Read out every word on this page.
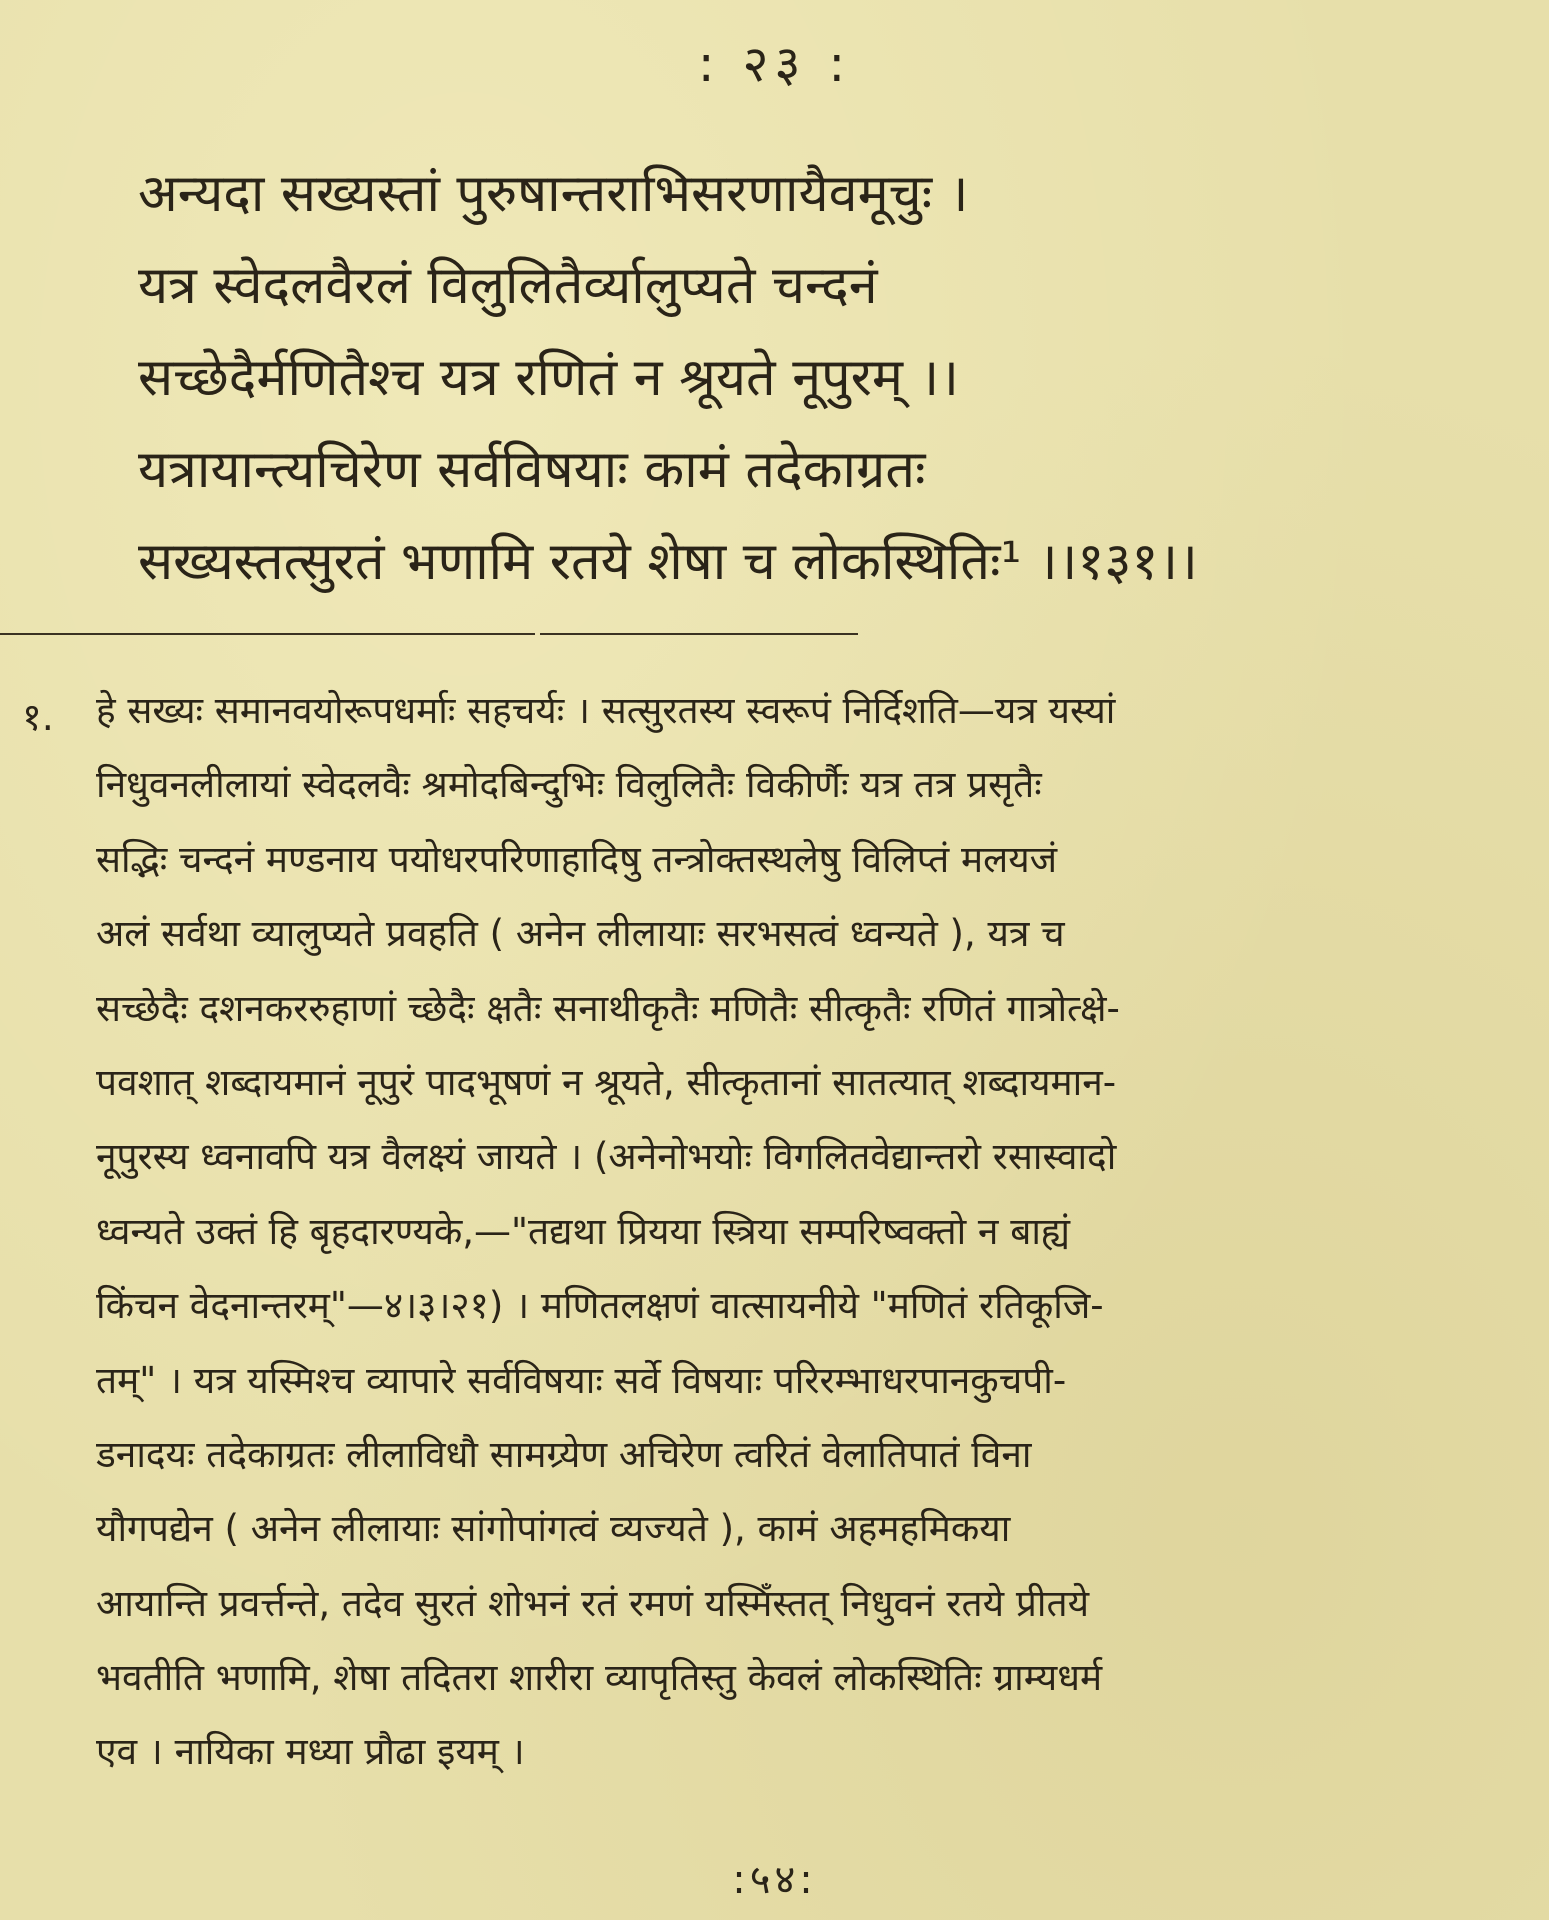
: २३ :
अन्यदा सख्यस्तां पुरुषान्तराभिसरणायैवमूचुः ।
यत्र स्वेदलवैरलं विलुलितैर्व्यालुप्यते चन्दनं
सच्छेदैर्मणितैश्च यत्र रणितं न श्रूयते नूपुरम् ।।
यत्रायान्त्यचिरेण सर्वविषयाः कामं तदेकाग्रतः
सख्यस्तत्सुरतं भणामि रतये शेषा च लोकस्थितिः¹ ।।१३१।।
१. हे सख्यः समानवयोरूपधर्माः सहचर्यः । सत्सुरतस्य स्वरूपं निर्दिशति—यत्र यस्यां
निधुवनलीलायां स्वेदलवैः श्रमोदबिन्दुभिः विलुलितैः विकीर्णैः यत्र तत्र प्रसृतैः
सद्भिः चन्दनं मण्डनाय पयोधरपरिणाहादिषु तन्त्रोक्तस्थलेषु विलिप्तं मलयजं
अलं सर्वथा व्यालुप्यते प्रवहति ( अनेन लीलायाः सरभसत्वं ध्वन्यते ), यत्र च
सच्छेदैः दशनकररुहाणां च्छेदैः क्षतैः सनाथीकृतैः मणितैः सीत्कृतैः रणितं गात्रोत्क्षे-
पवशात् शब्दायमानं नूपुरं पादभूषणं न श्रूयते, सीत्कृतानां सातत्यात् शब्दायमान-
नूपुरस्य ध्वनावपि यत्र वैलक्ष्यं जायते । (अनेनोभयोः विगलितवेद्यान्तरो रसास्वादो
ध्वन्यते उक्तं हि बृहदारण्यके,—"तद्यथा प्रियया स्त्रिया सम्परिष्वक्तो न बाह्यं
किंचन वेदनान्तरम्"—४।३।२१) । मणितलक्षणं वात्सायनीये "मणितं रतिकूजि-
तम्" । यत्र यस्मिश्च व्यापारे सर्वविषयाः सर्वे विषयाः परिरम्भाधरपानकुचपी-
डनादयः तदेकाग्रतः लीलाविधौ सामग्र्येण अचिरेण त्वरितं वेलातिपातं विना
यौगपद्येन ( अनेन लीलायाः सांगोपांगत्वं व्यज्यते ), कामं अहमहमिकया
आयान्ति प्रवर्त्तन्ते, तदेव सुरतं शोभनं रतं रमणं यस्मिँस्तत् निधुवनं रतये प्रीतये
भवतीति भणामि, शेषा तदितरा शारीरा व्यापृतिस्तु केवलं लोकस्थितिः ग्राम्यधर्म
एव । नायिका मध्या प्रौढा इयम् ।
:५४:
